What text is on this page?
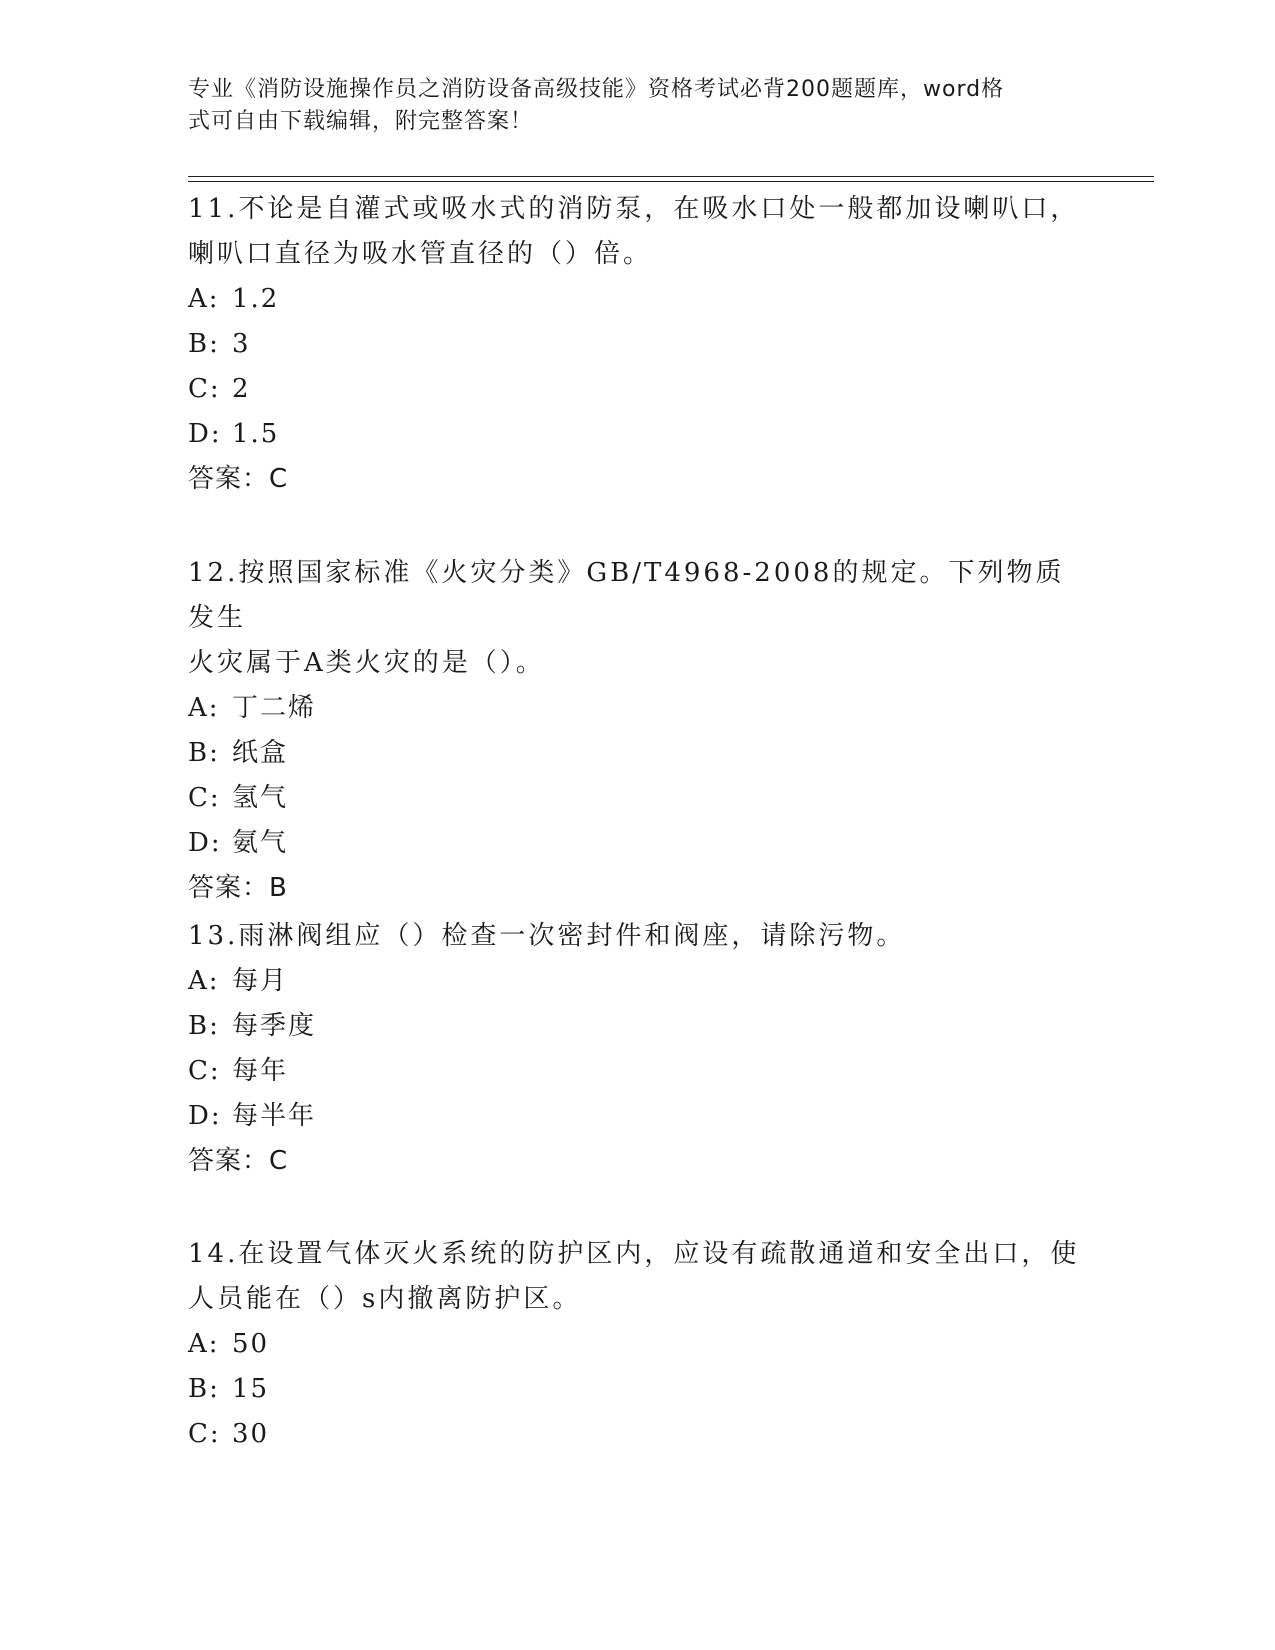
专业《消防设施操作员之消防设备高级技能》资格考试必背200题题库，word格
式可自由下载编辑，附完整答案！
11.不论是自灌式或吸水式的消防泵，在吸水口处一般都加设喇叭口，
喇叭口直径为吸水管直径的（）倍。
A: 1.2
B: 3
C: 2
D: 1.5
答案：C
12.按照国家标准《火灾分类》GB/T4968-2008的规定。下列物质发生
火灾属于A类火灾的是（）。
A: 丁二烯
B: 纸盒
C: 氢气
D: 氨气
答案：B
13.雨淋阀组应（）检查一次密封件和阀座，请除污物。
A: 每月
B: 每季度
C: 每年
D: 每半年
答案：C
14.在设置气体灭火系统的防护区内，应设有疏散通道和安全出口，使
人员能在（）s内撤离防护区。
A: 50
B: 15
C: 30
